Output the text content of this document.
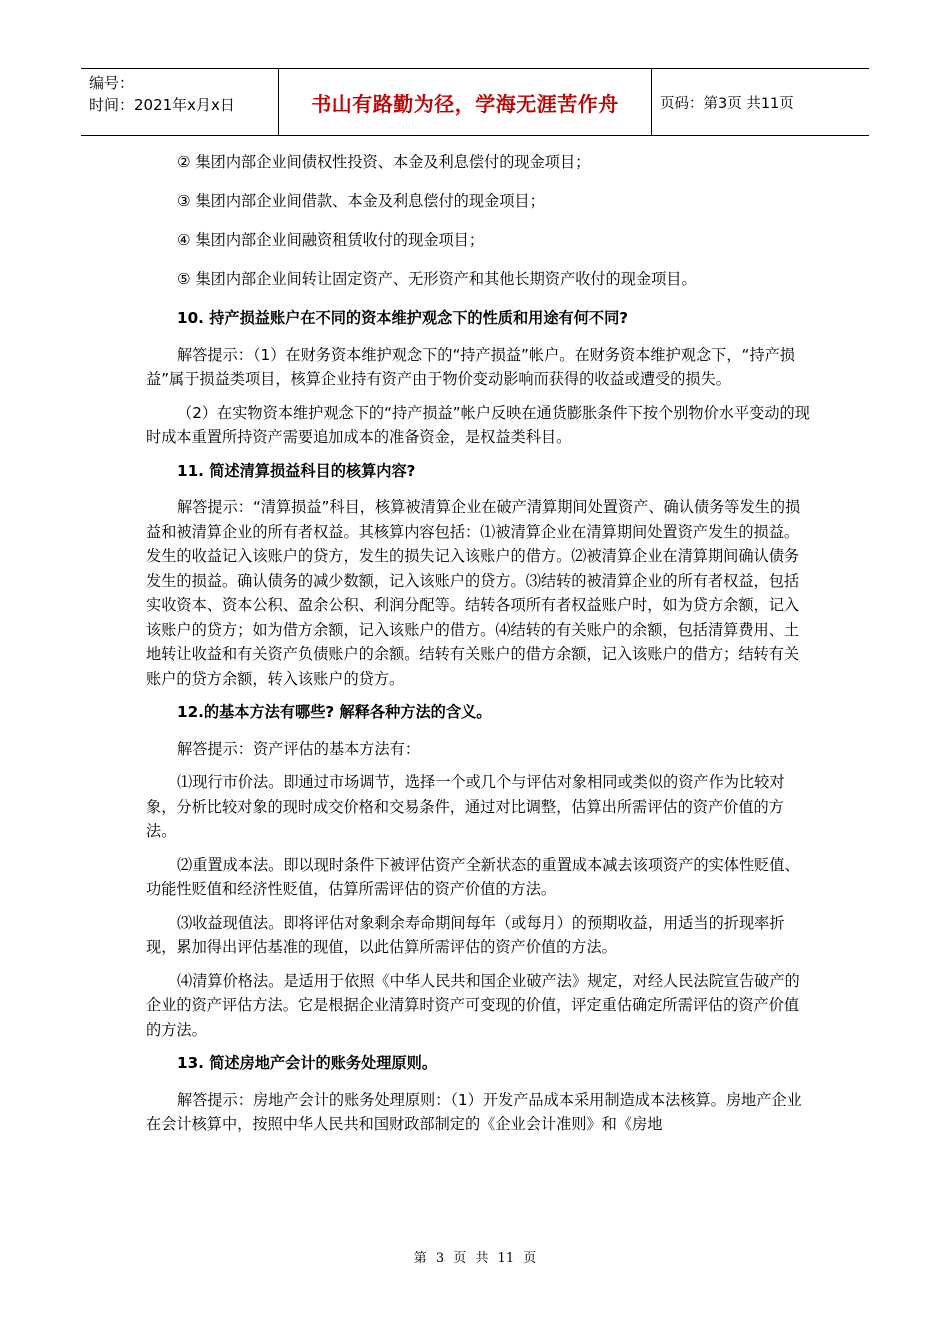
编号：
时间：2021年x月x日	书山有路勤为径，学海无涯苦作舟	页码：第3页 共11页
② 集团内部企业间债权性投资、本金及利息偿付的现金项目；
③ 集团内部企业间借款、本金及利息偿付的现金项目；
④ 集团内部企业间融资租赁收付的现金项目；
⑤ 集团内部企业间转让固定资产、无形资产和其他长期资产收付的现金项目。
10. 持产损益账户在不同的资本维护观念下的性质和用途有何不同?

解答提示：（1）在财务资本维护观念下的“持产损益”帐户。在财务资本维护观念下，“持产损益”属于损益类项目，核算企业持有资产由于物价变动影响而获得的收益或遭受的损失。

（2）在实物资本维护观念下的“持产损益”帐户反映在通货膨胀条件下按个别物价水平变动的现时成本重置所持资产需要追加成本的准备资金，是权益类科目。

11. 简述清算损益科目的核算内容?

解答提示：“清算损益”科目，核算被清算企业在破产清算期间处置资产、确认债务等发生的损益和被清算企业的所有者权益。其核算内容包括：⑴被清算企业在清算期间处置资产发生的损益。发生的收益记入该账户的贷方，发生的损失记入该账户的借方。⑵被清算企业在清算期间确认债务发生的损益。确认债务的减少数额，记入该账户的贷方。⑶结转的被清算企业的所有者权益，包括实收资本、资本公积、盈余公积、利润分配等。结转各项所有者权益账户时，如为贷方余额，记入该账户的贷方；如为借方余额，记入该账户的借方。⑷结转的有关账户的余额，包括清算费用、土地转让收益和有关资产负债账户的余额。结转有关账户的借方余额，记入该账户的借方；结转有关账户的贷方余额，转入该账户的贷方。

12.的基本方法有哪些? 解释各种方法的含义。

解答提示：资产评估的基本方法有：

⑴现行市价法。即通过市场调节，选择一个或几个与评估对象相同或类似的资产作为比较对象，分析比较对象的现时成交价格和交易条件，通过对比调整，估算出所需评估的资产价值的方法。

⑵重置成本法。即以现时条件下被评估资产全新状态的重置成本减去该项资产的实体性贬值、功能性贬值和经济性贬值，估算所需评估的资产价值的方法。

⑶收益现值法。即将评估对象剩余寿命期间每年（或每月）的预期收益，用适当的折现率折现，累加得出评估基准的现值，以此估算所需评估的资产价值的方法。

⑷清算价格法。是适用于依照《中华人民共和国企业破产法》规定，对经人民法院宣告破产的企业的资产评估方法。它是根据企业清算时资产可变现的价值，评定重估确定所需评估的资产价值的方法。

13. 简述房地产会计的账务处理原则。

解答提示：房地产会计的账务处理原则：（1）开发产品成本采用制造成本法核算。房地产企业在会计核算中，按照中华人民共和国财政部制定的《企业会计准则》和《房地

第 3 页 共 11 页
